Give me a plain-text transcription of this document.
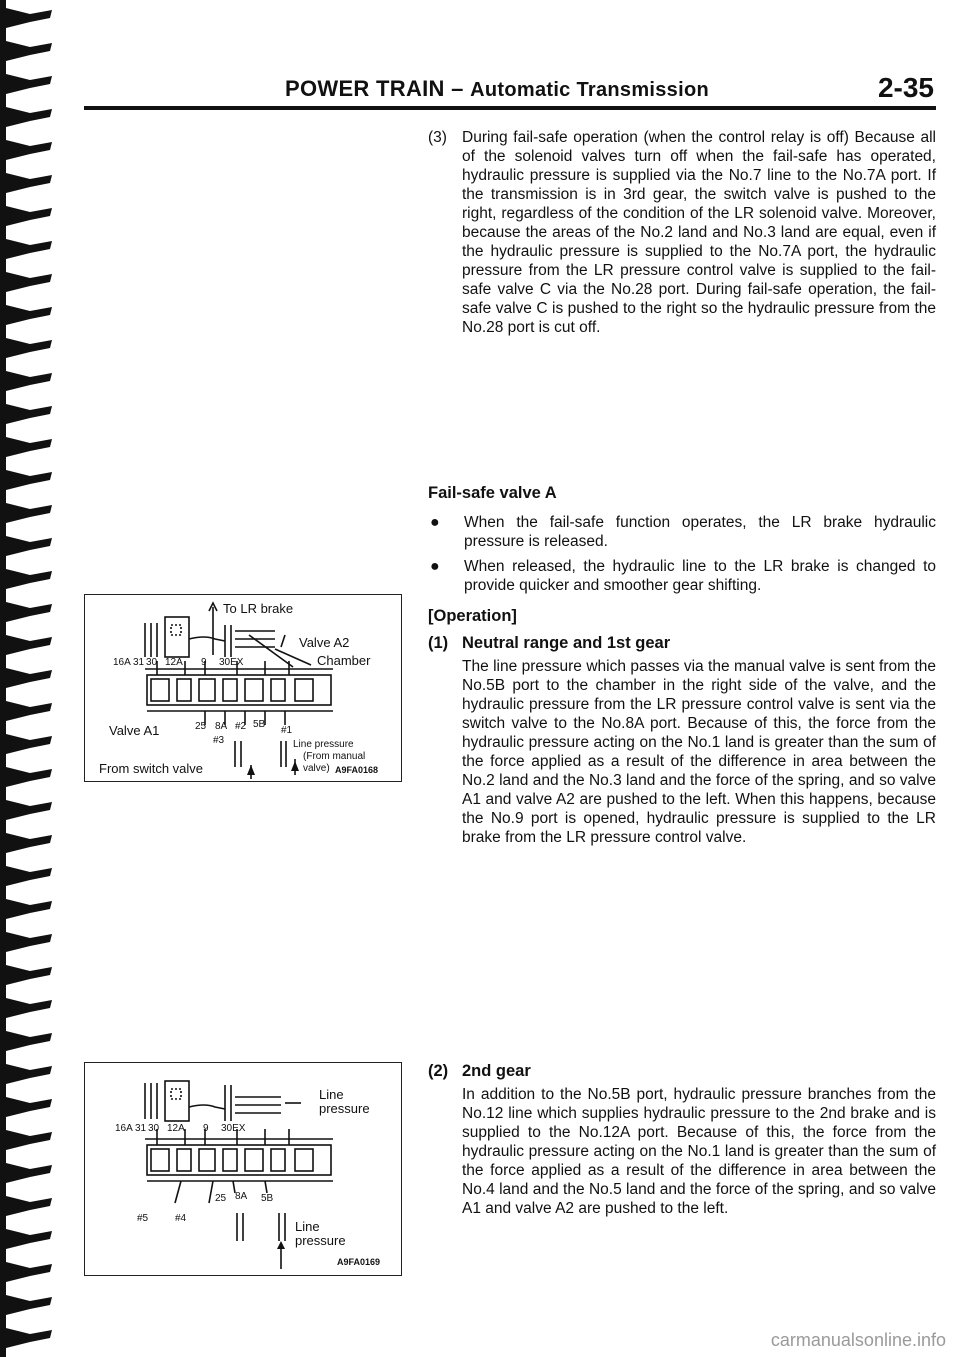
POWER TRAIN – Automatic Transmission	2-35
(3) During fail-safe operation (when the control relay is off) Because all of the solenoid valves turn off when the fail-safe has operated, hydraulic pressure is supplied via the No.7 line to the No.7A port. If the transmission is in 3rd gear, the switch valve is pushed to the right, regardless of the condition of the LR solenoid valve. Moreover, because the areas of the No.2 land and No.3 land are equal, even if the hydraulic pressure is supplied to the No.7A port, the hydraulic pressure from the LR pressure control valve is supplied to the fail-safe valve C via the No.28 port. During fail-safe operation, the fail-safe valve C is pushed to the right so the hydraulic pressure from the No.28 port is cut off.
Fail-safe valve A
●	When the fail-safe function operates, the LR brake hydraulic pressure is released.
●	When released, the hydraulic line to the LR brake is changed to provide quicker and smoother gear shifting.
[Operation]
(1) Neutral range and 1st gear
The line pressure which passes via the manual valve is sent from the No.5B port to the chamber in the right side of the valve, and the hydraulic pressure from the LR pressure control valve is sent via the switch valve to the No.8A port. Because of this, the force from the hydraulic pressure acting on the No.1 land is greater than the sum of the force applied as a result of the difference in area between the No.2 land and the No.3 land and the force of the spring, and so valve A1 and valve A2 are pushed to the left. When this happens, because the No.9 port is opened, hydraulic pressure is supplied to the LR brake from the LR pressure control valve.
(2) 2nd gear
In addition to the No.5B port, hydraulic pressure branches from the No.12 line which supplies hydraulic pressure to the 2nd brake and is supplied to the No.12A port. Because of this, the force from the hydraulic pressure acting on the No.1 land is greater than the sum of the force applied as a result of the difference in area between the No.4 land and the No.5 land and the force of the spring, and so valve A1 and valve A2 are pushed to the left.
To LR brake
Valve A2
Chamber
16A 31 30 12A 9 30EX
Valve A1	25 8A #2 5B
#1
#3	Line pressure
(From manual
valve)
From switch valve	A9FA0168
Line
pressure
16A 31 30 12A 9 30EX
#5	#4
25 8A 5B
Line
pressure
A9FA0169
carmanualsonline.info
